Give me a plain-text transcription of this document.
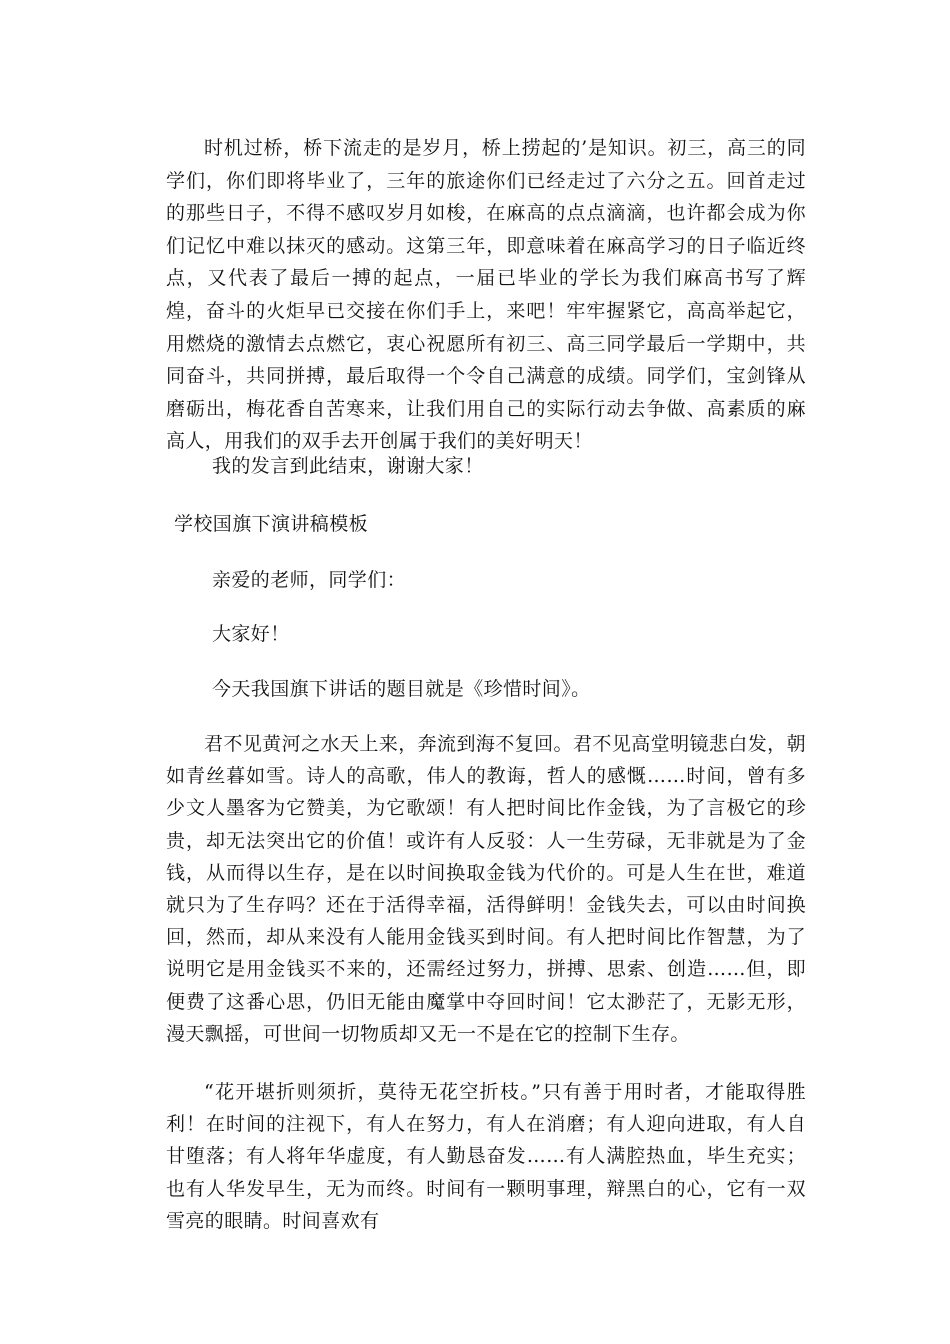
时机过桥，桥下流走的是岁月，桥上捞起的’是知识。初三，高三的同学们，你们即将毕业了，三年的旅途你们已经走过了六分之五。回首走过的那些日子，不得不感叹岁月如梭，在麻高的点点滴滴，也许都会成为你们记忆中难以抹灭的感动。这第三年，即意味着在麻高学习的日子临近终点，又代表了最后一搏的起点，一届已毕业的学长为我们麻高书写了辉煌，奋斗的火炬早已交接在你们手上，来吧！牢牢握紧它，高高举起它，用燃烧的激情去点燃它，衷心祝愿所有初三、高三同学最后一学期中，共同奋斗，共同拼搏，最后取得一个令自己满意的成绩。同学们，宝剑锋从磨砺出，梅花香自苦寒来，让我们用自己的实际行动去争做、高素质的麻高人，用我们的双手去开创属于我们的美好明天！

我的发言到此结束，谢谢大家！

学校国旗下演讲稿模板

亲爱的老师，同学们：

大家好！

今天我国旗下讲话的题目就是《珍惜时间》。

君不见黄河之水天上来，奔流到海不复回。君不见高堂明镜悲白发，朝如青丝暮如雪。诗人的高歌，伟人的教诲，哲人的感慨……时间，曾有多少文人墨客为它赞美，为它歌颂！有人把时间比作金钱，为了言极它的珍贵，却无法突出它的价值！或许有人反驳：人一生劳碌，无非就是为了金钱，从而得以生存，是在以时间换取金钱为代价的。可是人生在世，难道就只为了生存吗？还在于活得幸福，活得鲜明！金钱失去，可以由时间换回，然而，却从来没有人能用金钱买到时间。有人把时间比作智慧，为了说明它是用金钱买不来的，还需经过努力，拼搏、思索、创造……但，即便费了这番心思，仍旧无能由魔掌中夺回时间！它太渺茫了，无影无形，漫天飘摇，可世间一切物质却又无一不是在它的控制下生存。

“花开堪折则须折，莫待无花空折枝。”只有善于用时者，才能取得胜利！在时间的注视下，有人在努力，有人在消磨；有人迎向进取，有人自甘堕落；有人将年华虚度，有人勤恳奋发……有人满腔热血，毕生充实；也有人华发早生，无为而终。时间有一颗明事理，辩黑白的心，它有一双雪亮的眼睛。时间喜欢有
